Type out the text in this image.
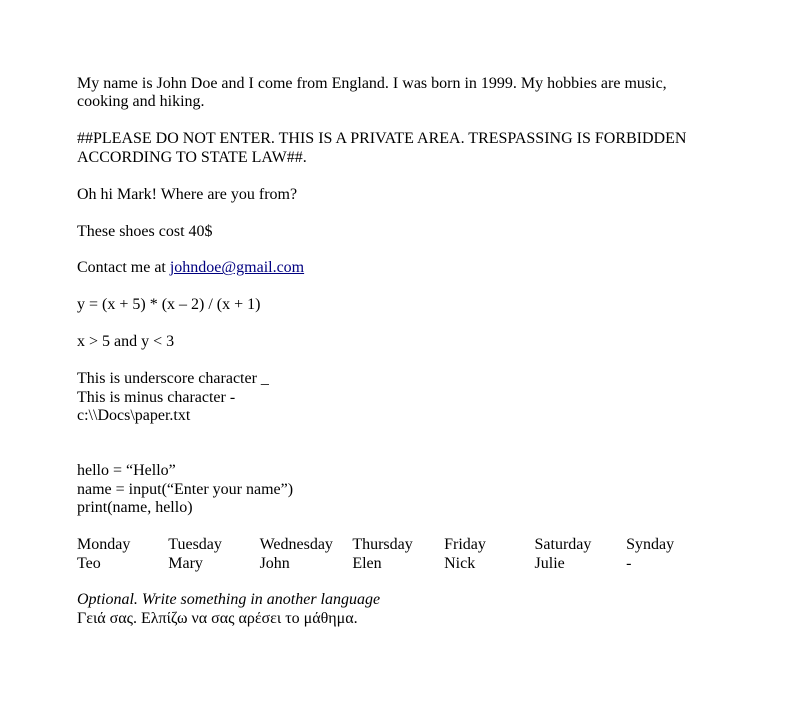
My name is John Doe and I come from England. I was born in 1999. My hobbies are music, cooking and hiking.
##PLEASE DO NOT ENTER. THIS IS A PRIVATE AREA. TRESPASSING IS FORBIDDEN ACCORDING TO STATE LAW##.
Oh hi Mark! Where are you from?
These shoes cost 40$
Contact me at johndoe@gmail.com
y = (x + 5) * (x – 2) / (x + 1)
x > 5 and y < 3
This is underscore character _
This is minus character -
c:\\Docs\paper.txt
hello = “Hello”
name = input(“Enter your name”)
print(name, hello)
Monday	Tuesday	Wednesday	Thursday	Friday	Saturday	Synday
Teo	Mary	John	Elen	Nick	Julie	-
Optional. Write something in another language
Γειά σας. Ελπίζω να σας αρέσει το μάθημα.
